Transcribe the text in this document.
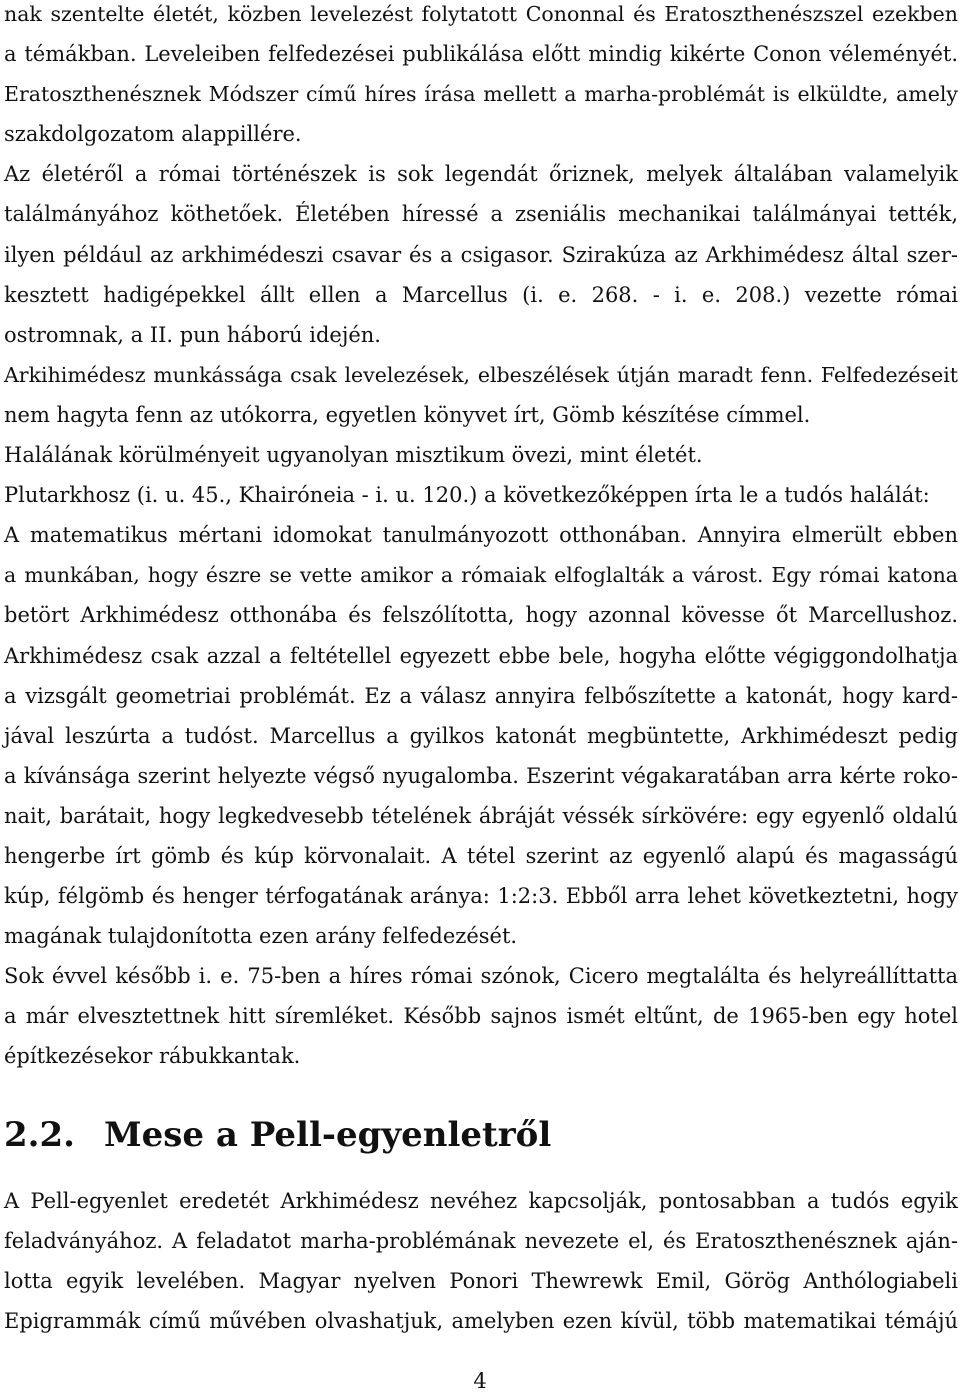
nak szentelte életét, közben levelezést folytatott Cononnal és Eratoszthenészszel ezekben
a témákban. Leveleiben felfedezései publikálása előtt mindig kikérte Conon véleményét.
Eratoszthenésznek Módszer című híres írása mellett a marha-problémát is elküldte, amely
szakdolgozatom alappillére.
Az életéről a római történészek is sok legendát őriznek, melyek általában valamelyik
találmányához köthetőek. Életében híressé a zseniális mechanikai találmányai tették,
ilyen például az arkhimédeszi csavar és a csigasor. Szirakúza az Arkhimédesz által szer-
kesztett hadigépekkel állt ellen a Marcellus (i. e. 268. - i. e. 208.) vezette római
ostromnak, a II. pun háború idején.
Arkihimédesz munkássága csak levelezések, elbeszélések útján maradt fenn. Felfedezéseit
nem hagyta fenn az utókorra, egyetlen könyvet írt, Gömb készítése címmel.
Halálának körülményeit ugyanolyan misztikum övezi, mint életét.
Plutarkhosz (i. u. 45., Khairóneia - i. u. 120.) a következőképpen írta le a tudós halálát:
A matematikus mértani idomokat tanulmányozott otthonában. Annyira elmerült ebben
a munkában, hogy észre se vette amikor a rómaiak elfoglalták a várost. Egy római katona
betört Arkhimédesz otthonába és felszólította, hogy azonnal kövesse őt Marcellushoz.
Arkhimédesz csak azzal a feltétellel egyezett ebbe bele, hogyha előtte végiggondolhatja
a vizsgált geometriai problémát. Ez a válasz annyira felbőszítette a katonát, hogy kard-
jával leszúrta a tudóst. Marcellus a gyilkos katonát megbüntette, Arkhimédeszt pedig
a kívánsága szerint helyezte végső nyugalomba. Eszerint végakaratában arra kérte roko-
nait, barátait, hogy legkedvesebb tételének ábráját véssék sírkövére: egy egyenlő oldalú
hengerbe írt gömb és kúp körvonalait. A tétel szerint az egyenlő alapú és magasságú
kúp, félgömb és henger térfogatának aránya: 1:2:3. Ebből arra lehet következtetni, hogy
magának tulajdonította ezen arány felfedezését.
Sok évvel később i. e. 75-ben a híres római szónok, Cicero megtalálta és helyreállíttatta
a már elvesztettnek hitt síremléket. Később sajnos ismét eltűnt, de 1965-ben egy hotel
építkezésekor rábukkantak.
2.2. Mese a Pell-egyenletről
A Pell-egyenlet eredetét Arkhimédesz nevéhez kapcsolják, pontosabban a tudós egyik
feladványához. A feladatot marha-problémának nevezete el, és Eratoszthenésznek aján-
lotta egyik levelében. Magyar nyelven Ponori Thewrewk Emil, Görög Anthólogiabeli
Epigrammák című művében olvashatjuk, amelyben ezen kívül, több matematikai témájú
4
